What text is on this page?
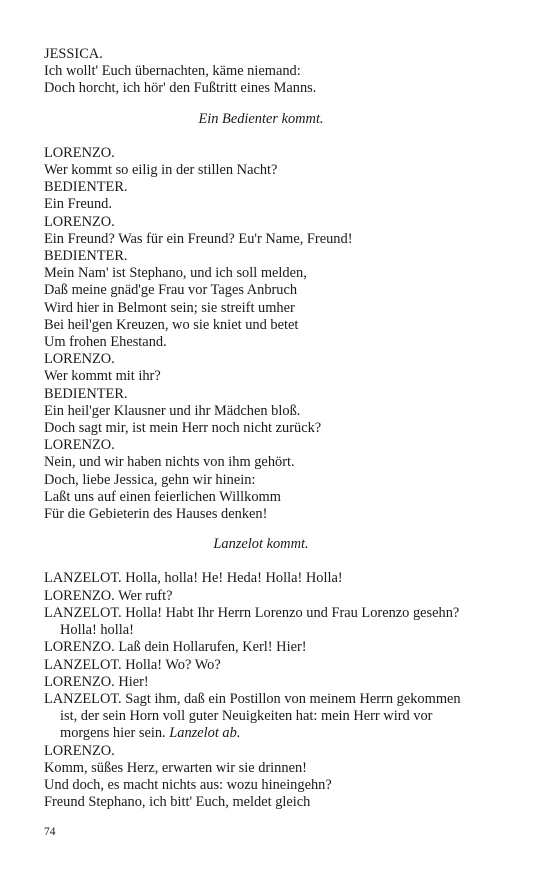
JESSICA.
Ich wollt' Euch übernachten, käme niemand:
Doch horcht, ich hör' den Fußtritt eines Manns.
Ein Bedienter kommt.
LORENZO.
Wer kommt so eilig in der stillen Nacht?
BEDIENTER.
Ein Freund.
LORENZO.
Ein Freund? Was für ein Freund? Eu'r Name, Freund!
BEDIENTER.
Mein Nam' ist Stephano, und ich soll melden,
Daß meine gnäd'ge Frau vor Tages Anbruch
Wird hier in Belmont sein; sie streift umher
Bei heil'gen Kreuzen, wo sie kniet und betet
Um frohen Ehestand.
LORENZO.
Wer kommt mit ihr?
BEDIENTER.
Ein heil'ger Klausner und ihr Mädchen bloß.
Doch sagt mir, ist mein Herr noch nicht zurück?
LORENZO.
Nein, und wir haben nichts von ihm gehört.
Doch, liebe Jessica, gehn wir hinein:
Laßt uns auf einen feierlichen Willkomm
Für die Gebieterin des Hauses denken!
Lanzelot kommt.
LANZELOT. Holla, holla! He! Heda! Holla! Holla!
LORENZO. Wer ruft?
LANZELOT. Holla! Habt Ihr Herrn Lorenzo und Frau Lorenzo gesehn?
Holla! holla!
LORENZO. Laß dein Hollarufen, Kerl! Hier!
LANZELOT. Holla! Wo? Wo?
LORENZO. Hier!
LANZELOT. Sagt ihm, daß ein Postillon von meinem Herrn gekommen
ist, der sein Horn voll guter Neuigkeiten hat: mein Herr wird vor
morgens hier sein. Lanzelot ab.
LORENZO.
Komm, süßes Herz, erwarten wir sie drinnen!
Und doch, es macht nichts aus: wozu hineingehn?
Freund Stephano, ich bitt' Euch, meldet gleich
74
